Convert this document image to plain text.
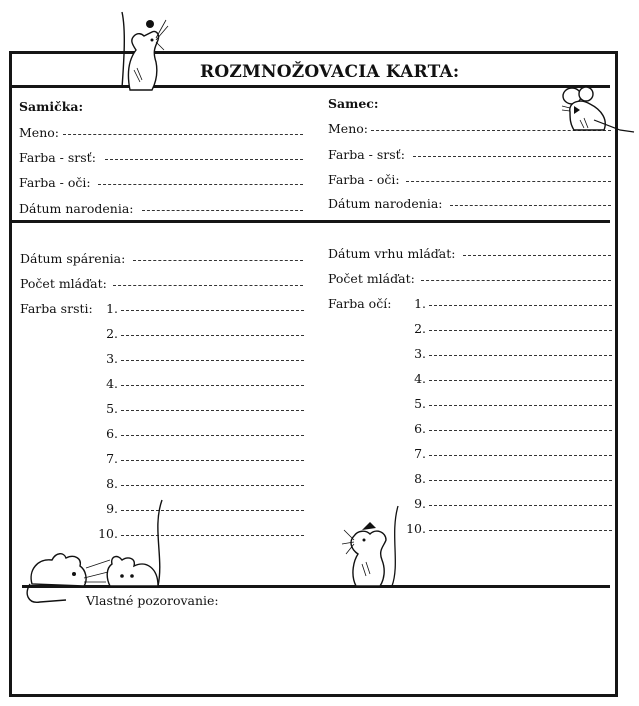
ROZMNOŽOVACIA KARTA:
Samička:
Meno:
Farba - srsť:
Farba - oči:
Dátum narodenia:
Samec:
Meno:
Farba - srsť:
Farba - oči:
Dátum narodenia:
Dátum spárenia:
Počet mláďat:
Farba srsti:	1.
2.
3.
4.
5.
6.
7.
8.
9.
10.
Dátum vrhu mláďat:
Počet mláďat:
Farba očí:	1.
2.
3.
4.
5.
6.
7.
8.
9.
10.
Vlastné pozorovanie:
